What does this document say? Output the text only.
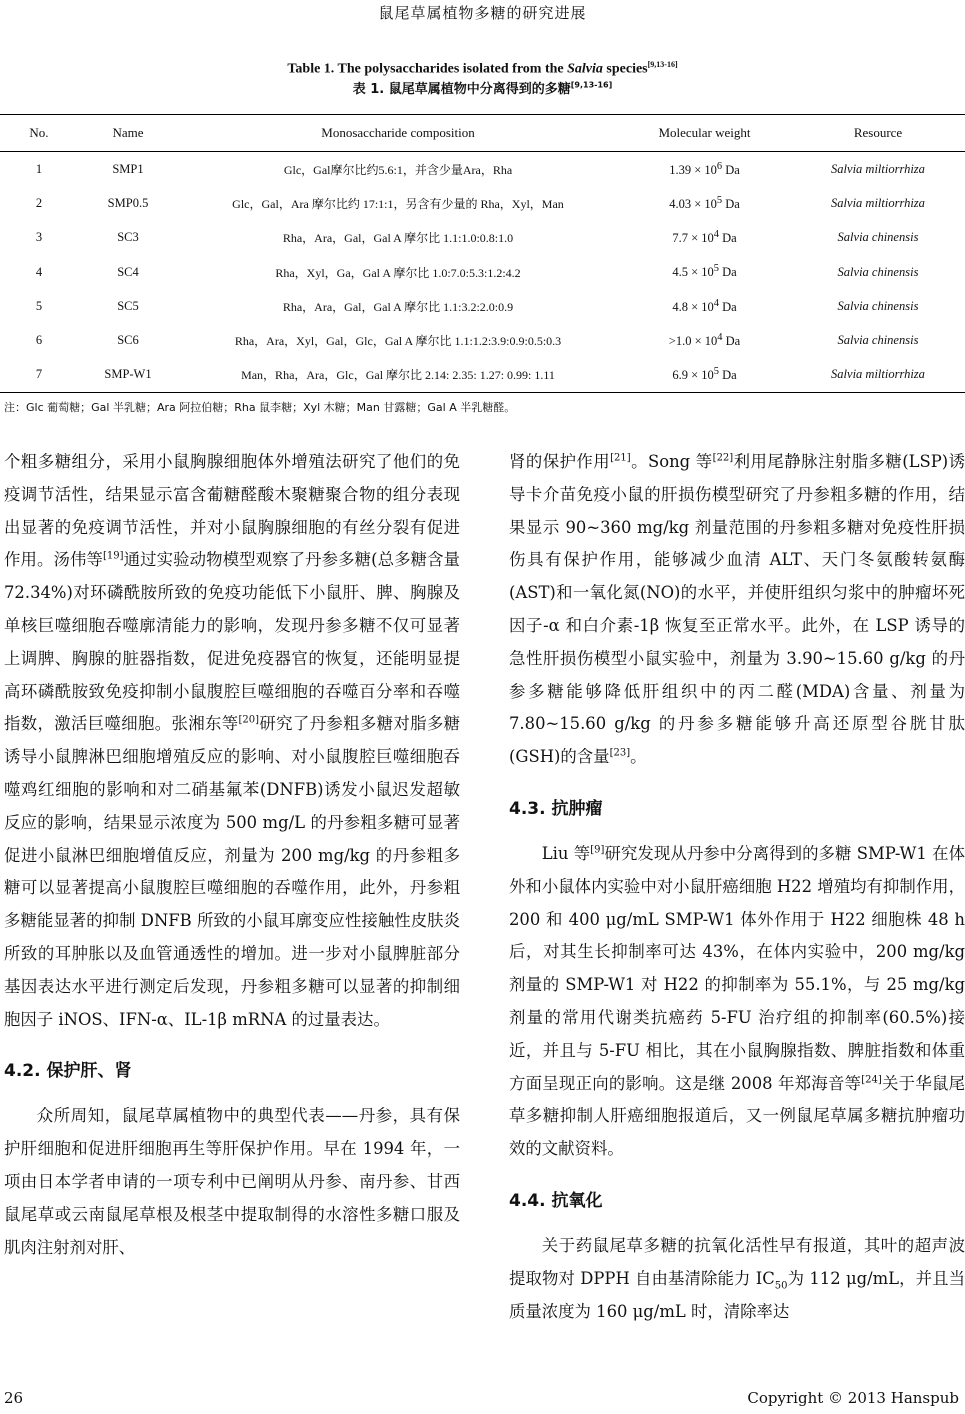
鼠尾草属植物多糖的研究进展
Table 1. The polysaccharides isolated from the Salvia species[9,13-16]
表 1. 鼠尾草属植物中分离得到的多糖[9,13-16]
No.	Name	Monosaccharide composition	Molecular weight	Resource
1	SMP1	Glc，Gal摩尔比约5.6:1，并含少量Ara，Rha	$1.39 \times 10^6$ Da	Salvia miltiorrhiza
2	SMP0.5	Glc，Gal，Ara 摩尔比约 17:1:1，另含有少量的 Rha，Xyl，Man	$4.03 \times 10^5$ Da	Salvia miltiorrhiza
3	SC3	Rha，Ara，Gal，Gal A 摩尔比 1.1:1.0:0.8:1.0	$7.7 \times 10^4$ Da	Salvia chinensis
4	SC4	Rha，Xyl，Ga，Gal A 摩尔比 1.0:7.0:5.3:1.2:4.2	$4.5 \times 10^5$ Da	Salvia chinensis
5	SC5	Rha，Ara，Gal，Gal A 摩尔比 1.1:3.2:2.0:0.9	$4.8 \times 10^4$ Da	Salvia chinensis
6	SC6	Rha，Ara，Xyl，Gal，Glc，Gal A 摩尔比 1.1:1.2:3.9:0.9:0.5:0.3	$>1.0 \times 10^4$ Da	Salvia chinensis
7	SMP-W1	Man，Rha，Ara，Glc，Gal 摩尔比 2.14: 2.35: 1.27: 0.99: 1.11	$6.9 \times 10^5$ Da	Salvia miltiorrhiza
注：Glc 葡萄糖；Gal 半乳糖；Ara 阿拉伯糖；Rha 鼠李糖；Xyl 木糖；Man 甘露糖；Gal A 半乳糖醛。

个粗多糖组分，采用小鼠胸腺细胞体外增殖法研究了他们的免疫调节活性，结果显示富含葡糖醛酸木聚糖聚合物的组分表现出显著的免疫调节活性，并对小鼠胸腺细胞的有丝分裂有促进作用。汤伟等[19]通过实验动物模型观察了丹参多糖(总多糖含量72.34%)对环磷酰胺所致的免疫功能低下小鼠肝、脾、胸腺及单核巨噬细胞吞噬廓清能力的影响，发现丹参多糖不仅可显著上调脾、胸腺的脏器指数，促进免疫器官的恢复，还能明显提高环磷酰胺致免疫抑制小鼠腹腔巨噬细胞的吞噬百分率和吞噬指数，激活巨噬细胞。张湘东等[20]研究了丹参粗多糖对脂多糖诱导小鼠脾淋巴细胞增殖反应的影响、对小鼠腹腔巨噬细胞吞噬鸡红细胞的影响和对二硝基氟苯(DNFB)诱发小鼠迟发超敏反应的影响，结果显示浓度为 500 mg/L 的丹参粗多糖可显著促进小鼠淋巴细胞增值反应，剂量为 200 mg/kg 的丹参粗多糖可以显著提高小鼠腹腔巨噬细胞的吞噬作用，此外，丹参粗多糖能显著的抑制 DNFB 所致的小鼠耳廓变应性接触性皮肤炎所致的耳肿胀以及血管通透性的增加。进一步对小鼠脾脏部分基因表达水平进行测定后发现，丹参粗多糖可以显著的抑制细胞因子 iNOS、IFN-α、IL-1β mRNA 的过量表达。

4.2. 保护肝、肾

众所周知，鼠尾草属植物中的典型代表——丹参，具有保护肝细胞和促进肝细胞再生等肝保护作用。早在 1994 年，一项由日本学者申请的一项专利中已阐明从丹参、南丹参、甘西鼠尾草或云南鼠尾草根及根茎中提取制得的水溶性多糖口服及肌肉注射剂对肝、

肾的保护作用[21]。Song 等[22]利用尾静脉注射脂多糖(LSP)诱导卡介苗免疫小鼠的肝损伤模型研究了丹参粗多糖的作用，结果显示 90~360 mg/kg 剂量范围的丹参粗多糖对免疫性肝损伤具有保护作用，能够减少血清 ALT、天门冬氨酸转氨酶(AST)和一氧化氮(NO)的水平，并使肝组织匀浆中的肿瘤坏死因子-α 和白介素-1β 恢复至正常水平。此外，在 LSP 诱导的急性肝损伤模型小鼠实验中，剂量为 3.90~15.60 g/kg 的丹参多糖能够降低肝组织中的丙二醛(MDA)含量、剂量为 7.80~15.60 g/kg 的丹参多糖能够升高还原型谷胱甘肽(GSH)的含量[23]。

4.3. 抗肿瘤

Liu 等[9]研究发现从丹参中分离得到的多糖 SMP-W1 在体外和小鼠体内实验中对小鼠肝癌细胞 H22 增殖均有抑制作用，200 和 400 μg/mL SMP-W1 体外作用于 H22 细胞株 48 h 后，对其生长抑制率可达 43%，在体内实验中，200 mg/kg 剂量的 SMP-W1 对 H22 的抑制率为 55.1%，与 25 mg/kg 剂量的常用代谢类抗癌药 5-FU 治疗组的抑制率(60.5%)接近，并且与 5-FU 相比，其在小鼠胸腺指数、脾脏指数和体重方面呈现正向的影响。这是继 2008 年郑海音等[24]关于华鼠尾草多糖抑制人肝癌细胞报道后，又一例鼠尾草属多糖抗肿瘤功效的文献资料。

4.4. 抗氧化

关于药鼠尾草多糖的抗氧化活性早有报道，其叶的超声波提取物对 DPPH 自由基清除能力 $IC_{50}$为 112 μg/mL，并且当质量浓度为 160 μg/mL 时，清除率达

26	Copyright © 2013 Hanspub
